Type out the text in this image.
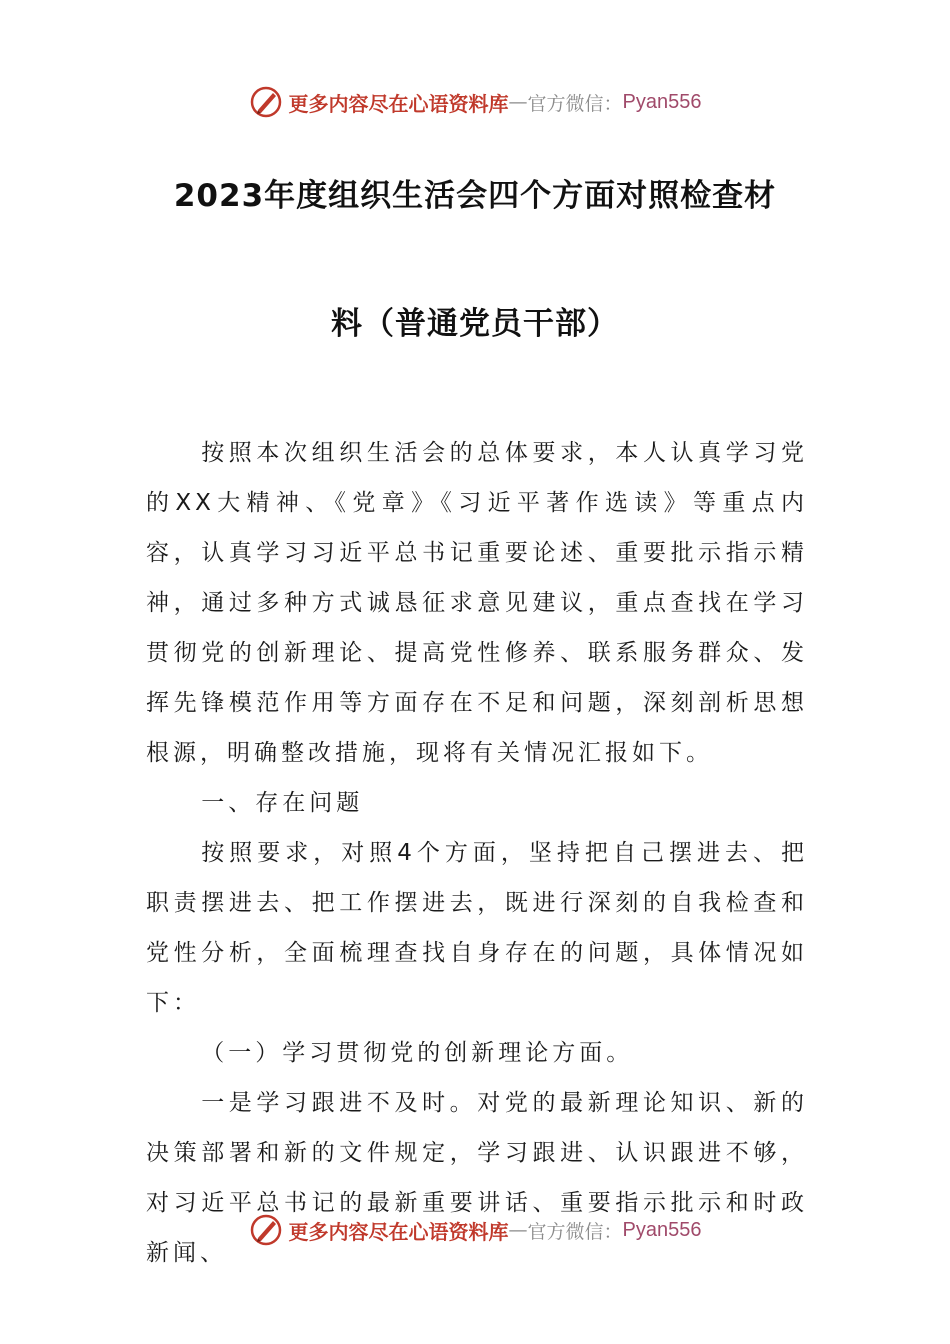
更多内容尽在心语资料库 — 官方微信： Pyan556
2023年度组织生活会四个方面对照检查材
料（普通党员干部）

按照本次组织生活会的总体要求，本人认真学习党的XX大精神、《党章》《习近平著作选读》等重点内容，认真学习习近平总书记重要论述、重要批示指示精神，通过多种方式诚恳征求意见建议，重点查找在学习贯彻党的创新理论、提高党性修养、联系服务群众、发挥先锋模范作用等方面存在不足和问题，深刻剖析思想根源，明确整改措施，现将有关情况汇报如下。

一、存在问题

按照要求，对照4个方面，坚持把自己摆进去、把职责摆进去、把工作摆进去，既进行深刻的自我检查和党性分析，全面梳理查找自身存在的问题，具体情况如下：

（一）学习贯彻党的创新理论方面。

一是学习跟进不及时。对党的最新理论知识、新的决策部署和新的文件规定，学习跟进、认识跟进不够，对习近平总书记的最新重要讲话、重要指示批示和时政新闻、

更多内容尽在心语资料库 — 官方微信： Pyan556
